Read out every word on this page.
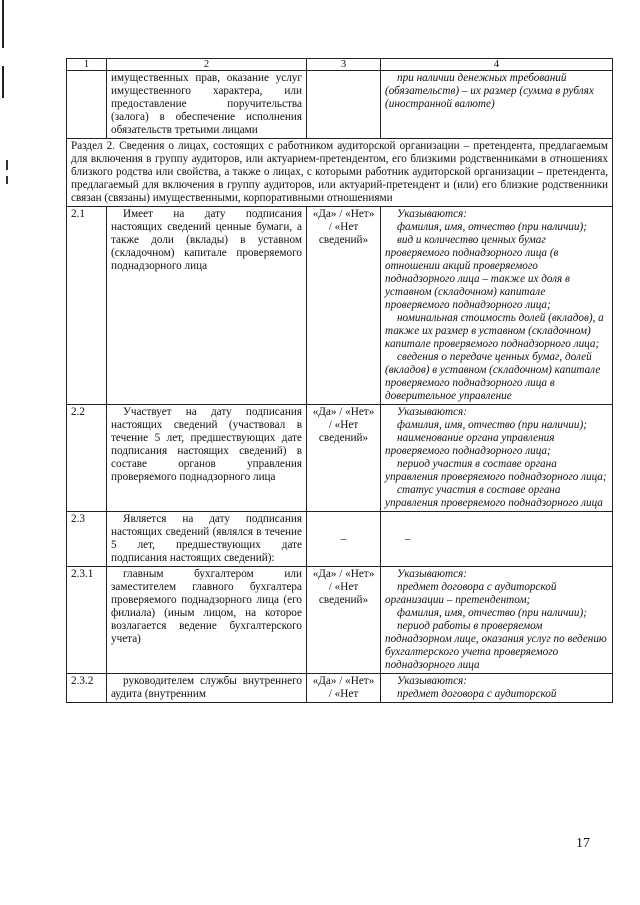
1	2	3	4
	имущественных прав, оказание услуг имущественного характера, или предоставление поручительства (залога) в обеспечение исполнения обязательств третьими лицами		при наличии денежных требований (обязательств) – их размер (сумма в рублях (иностранной валюте)

Раздел 2. Сведения о лицах, состоящих с работником аудиторской организации – претендента, предлагаемым для включения в группу аудиторов, или актуарием-претендентом, его близкими родственниками в отношениях близкого родства или свойства, а также о лицах, с которыми работник аудиторской организации – претендента, предлагаемый для включения в группу аудиторов, или актуарий-претендент и (или) его близкие родственники связан (связаны) имущественными, корпоративными отношениями			
2.1	Имеет на дату подписания настоящих сведений ценные бумаги, а также доли (вклады) в уставном (складочном) капитале проверяемого поднадзорного лица	«Да» / «Нет» / «Нет сведений»	Указываются:

фамилия, имя, отчество (при наличии);

вид и количество ценных бумаг проверяемого поднадзорного лица (в отношении акций проверяемого поднадзорного лица – также их доля в уставном (складочном) капитале проверяемого поднадзорного лица;

номинальная стоимость долей (вкладов), а также их размер в уставном (складочном) капитале проверяемого поднадзорного лица;

сведения о передаче ценных бумаг, долей (вкладов) в уставном (складочном) капитале проверяемого поднадзорного лица в доверительное управление

2.2	Участвует на дату подписания настоящих сведений (участвовал в течение 5 лет, предшествующих дате подписания настоящих сведений) в составе органов управления проверяемого поднадзорного лица	«Да» / «Нет» / «Нет сведений»	Указываются:

фамилия, имя, отчество (при наличии);

наименование органа управления проверяемого поднадзорного лица;

период участия в составе органа управления проверяемого поднадзорного лица;

статус участия в составе органа управления проверяемого поднадзорного лица

2.3	Является на дату подписания настоящих сведений (являлся в течение 5 лет, предшествующих дате подписания настоящих сведений):	–	–
2.3.1	главным бухгалтером или заместителем главного бухгалтера проверяемого поднадзорного лица (его филиала) (иным лицом, на которое возлагается ведение бухгалтерского учета)	«Да» / «Нет» / «Нет сведений»	Указываются:

предмет договора с аудиторской организации – претендентом;

фамилия, имя, отчество (при наличии);

период работы в проверяемом поднадзорном лице, оказания услуг по ведению бухгалтерского учета проверяемого поднадзорного лица

2.3.2	руководителем службы внутреннего аудита (внутренним	«Да» / «Нет» / «Нет	Указываются:

предмет договора с аудиторской

17
